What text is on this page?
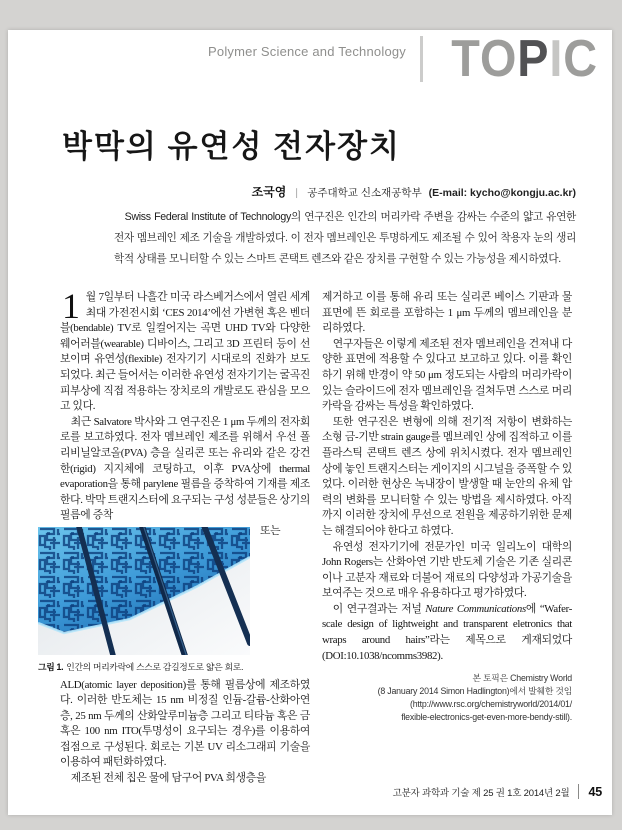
Polymer Science and Technology TOPIC
박막의 유연성 전자장치
조국영 ∣ 공주대학교 신소재공학부 (E-mail: kycho@kongju.ac.kr)
Swiss Federal Institute of Technology의 연구진은 인간의 머리카락 주변을 감싸는 수준의 얇고 유연한 전자 멤브레인 제조 기술을 개발하였다. 이 전자 멤브레인은 투명하게도 제조될 수 있어 착용자 눈의 생리학적 상태를 모니터할 수 있는 스마트 콘택트 렌즈와 같은 장치를 구현할 수 있는 가능성을 제시하였다.

1 월 7일부터 나흘간 미국 라스베거스에서 열린 세계 최대 가전전시회 ‘CES 2014’에선 가변현 혹은 벤더블(bendable) TV로 일컬어지는 곡면 UHD TV와 다양한 웨어러블(wearable) 디바이스, 그리고 3D 프린터 등이 선보이며 유연성(flexible) 전자기기 시대로의 진화가 보도되었다. 최근 들어서는 이러한 유연성 전자기기는 굴곡진 피부상에 직접 적용하는 장치로의 개발로도 관심을 모으고 있다.

최근 Salvatore 박사와 그 연구진은 1 μm 두께의 전자회로를 보고하였다. 전자 멤브레인 제조를 위해서 우선 폴리비닐알코올(PVA) 층을 실리콘 또는 유리와 같은 강건한(rigid) 지지체에 코팅하고, 이후 PVA상에 thermal evaporation을 통해 parylene 필름을 증착하여 기재를 제조한다. 박막 트랜지스터에 요구되는 구성 성분들은 상기의 필름에 증착

그림 1. 인간의 머리카락에 스스로 감길정도로 얇은 회로.

또는 ALD(atomic layer deposition)를 통해 필름상에 제조하였다. 이러한 반도체는 15 nm 비정질 인듐-갈륨-산화아연 층, 25 nm 두께의 산화알루미늄층 그리고 티타늄 혹은 금 혹은 100 nm ITO(투명성이 요구되는 경우)를 이용하여 접점으로 구성된다. 회로는 기본 UV 리소그래피 기술을 이용하여 패턴화하였다.

제조된 전체 칩은 물에 담구어 PVA 희생층을

제거하고 이를 통해 유리 또는 실리콘 베이스 기판과 물 표면에 뜬 회로를 포함하는 1 μm 두께의 멤브레인을 분리하였다.

연구자들은 이렇게 제조된 전자 멤브레인을 건져내 다양한 표면에 적용할 수 있다고 보고하고 있다. 이를 확인하기 위해 반경이 약 50 μm 정도되는 사람의 머리카락이 있는 슬라이드에 전자 멤브레인을 걸쳐두면 스스로 머리카락을 감싸는 특성을 확인하였다.

또한 연구진은 변형에 의해 전기적 저항이 변화하는 소형 금-기반 strain gauge를 멤브레인 상에 집적하고 이를 플라스틱 콘택트 렌즈 상에 위치시켰다. 전자 멤브레인 상에 놓인 트랜지스터는 게이지의 시그널을 증폭할 수 있었다. 이러한 현상은 녹내장이 발생할 때 눈안의 유체 압력의 변화를 모니터할 수 있는 방법을 제시하였다. 아직까지 이러한 장치에 무선으로 전원을 제공하기위한 문제는 해결되어야 한다고 하였다.

유연성 전자기기에 전문가인 미국 일리노이 대학의 John Rogers는 산화아연 기반 반도체 기술은 기존 실리콘이나 고분자 재료와 더불어 재료의 다양성과 가공기술을 보여주는 것으로 매우 유용하다고 평가하였다.

이 연구결과는 저널 Nature Communications에 “Wafer-scale design of lightweight and transparent eletronics that wraps around hairs”라는 제목으로 게재되었다(DOI:10.1038/ncomms3982).

본 토픽은 Chemistry World
(8 January 2014 Simon Hadlington)에서 발췌한 것임
(http://www.rsc.org/chemistryworld/2014/01/
flexible-electronics-get-even-more-bendy-still).
고분자 과학과 기술 제 25 권 1호 2014년 2월 45
